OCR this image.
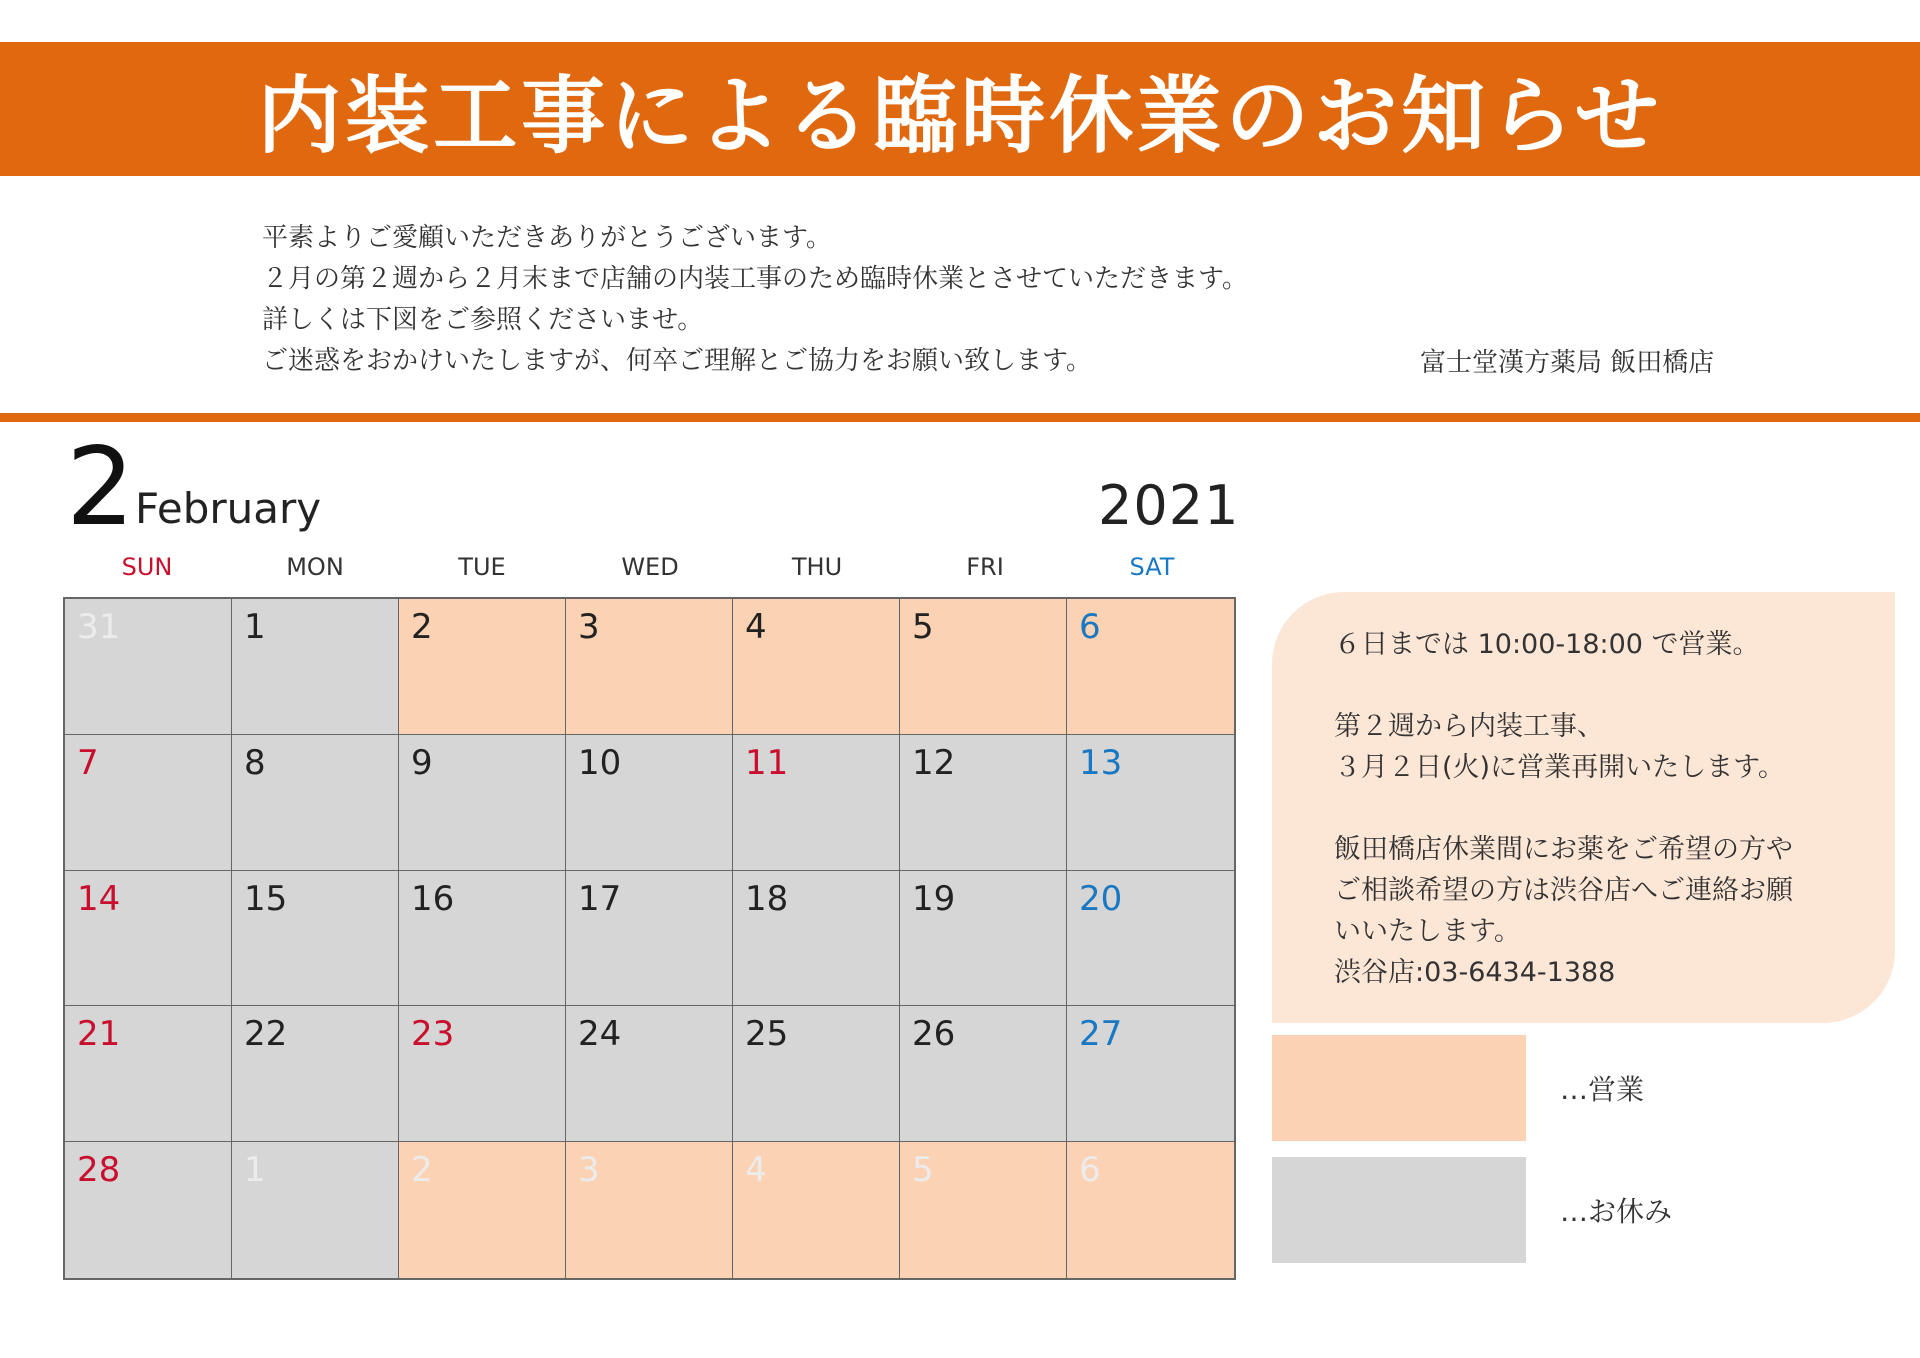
内装工事による臨時休業のお知らせ
平素よりご愛顧いただきありがとうございます。
２月の第２週から２月末まで店舗の内装工事のため臨時休業とさせていただきます。
詳しくは下図をご参照くださいませ。
ご迷惑をおかけいたしますが、何卒ご理解とご協力をお願い致します。	富士堂漢方薬局 飯田橋店
2 February	2021
SUN	MON	TUE	WED	THU	FRI	SAT
31	1	2	3	4	5	6
7	8	9	10	11	12	13
14	15	16	17	18	19	20
21	22	23	24	25	26	27
28	1	2	3	4	5	6
６日までは 10:00-18:00 で営業。
第２週から内装工事、
３月２日(火)に営業再開いたします。
飯田橋店休業間にお薬をご希望の方や
ご相談希望の方は渋谷店へご連絡お願
いいたします。
渋谷店:03-6434-1388
…営業
…お休み
